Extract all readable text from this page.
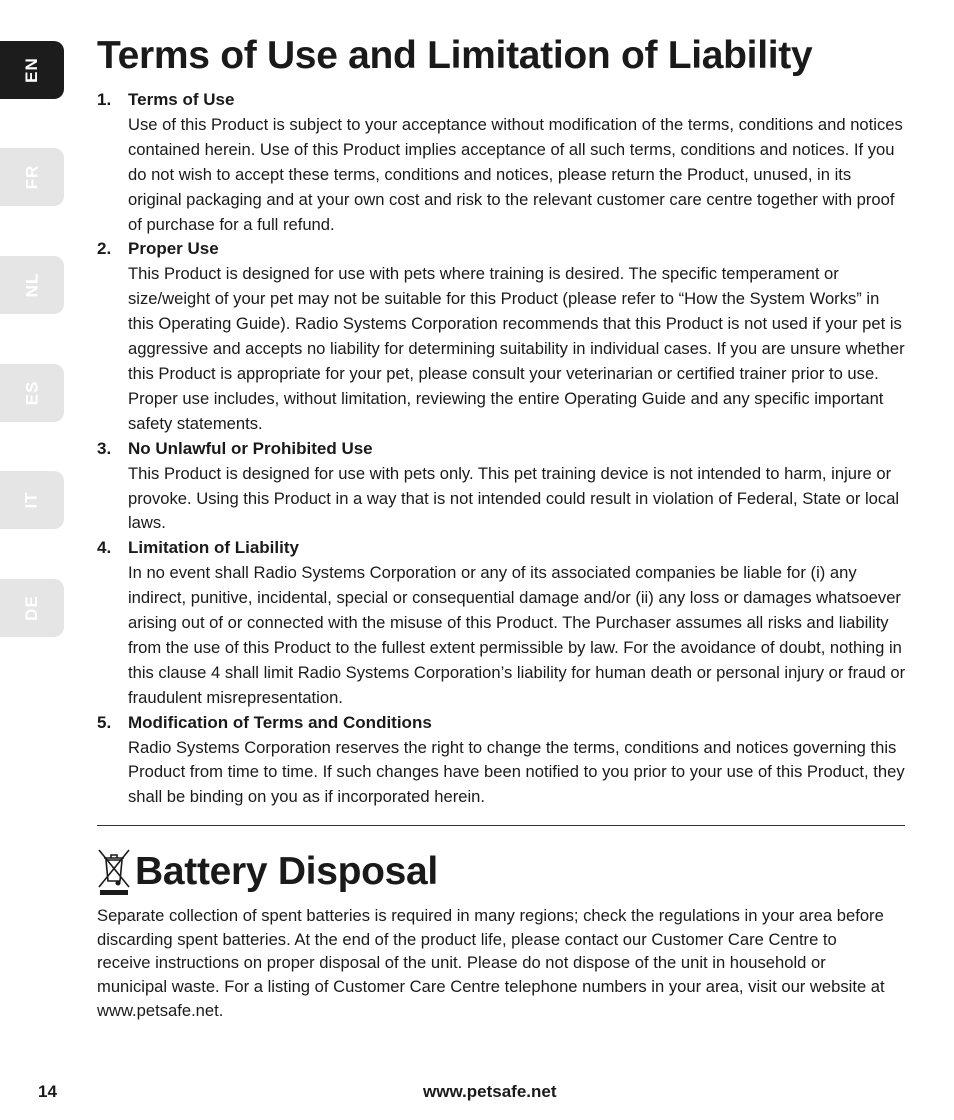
EN
FR
NL
ES
IT
DE
Terms of Use and Limitation of Liability
1. Terms of Use

Use of this Product is subject to your acceptance without modification of the terms, conditions and notices contained herein. Use of this Product implies acceptance of all such terms, conditions and notices. If you do not wish to accept these terms, conditions and notices, please return the Product, unused, in its original packaging and at your own cost and risk to the relevant customer care centre together with proof of purchase for a full refund.

2. Proper Use

This Product is designed for use with pets where training is desired. The specific temperament or size/weight of your pet may not be suitable for this Product (please refer to “How the System Works” in this Operating Guide). Radio Systems Corporation recommends that this Product is not used if your pet is aggressive and accepts no liability for determining suitability in individual cases. If you are unsure whether this Product is appropriate for your pet, please consult your veterinarian or certified trainer prior to use. Proper use includes, without limitation, reviewing the entire Operating Guide and any specific important safety statements.

3. No Unlawful or Prohibited Use

This Product is designed for use with pets only. This pet training device is not intended to harm, injure or provoke. Using this Product in a way that is not intended could result in violation of Federal, State or local laws.

4. Limitation of Liability

In no event shall Radio Systems Corporation or any of its associated companies be liable for (i) any indirect, punitive, incidental, special or consequential damage and/or (ii) any loss or damages whatsoever arising out of or connected with the misuse of this Product. The Purchaser assumes all risks and liability from the use of this Product to the fullest extent permissible by law. For the avoidance of doubt, nothing in this clause 4 shall limit Radio Systems Corporation’s liability for human death or personal injury or fraud or fraudulent misrepresentation.

5. Modification of Terms and Conditions

Radio Systems Corporation reserves the right to change the terms, conditions and notices governing this Product from time to time. If such changes have been notified to you prior to your use of this Product, they shall be binding on you as if incorporated herein.

Battery Disposal

Separate collection of spent batteries is required in many regions; check the regulations in your area before discarding spent batteries. At the end of the product life, please contact our Customer Care Centre to receive instructions on proper disposal of the unit. Please do not dispose of the unit in household or municipal waste. For a listing of Customer Care Centre telephone numbers in your area, visit our website at www.petsafe.net.

14	www.petsafe.net
